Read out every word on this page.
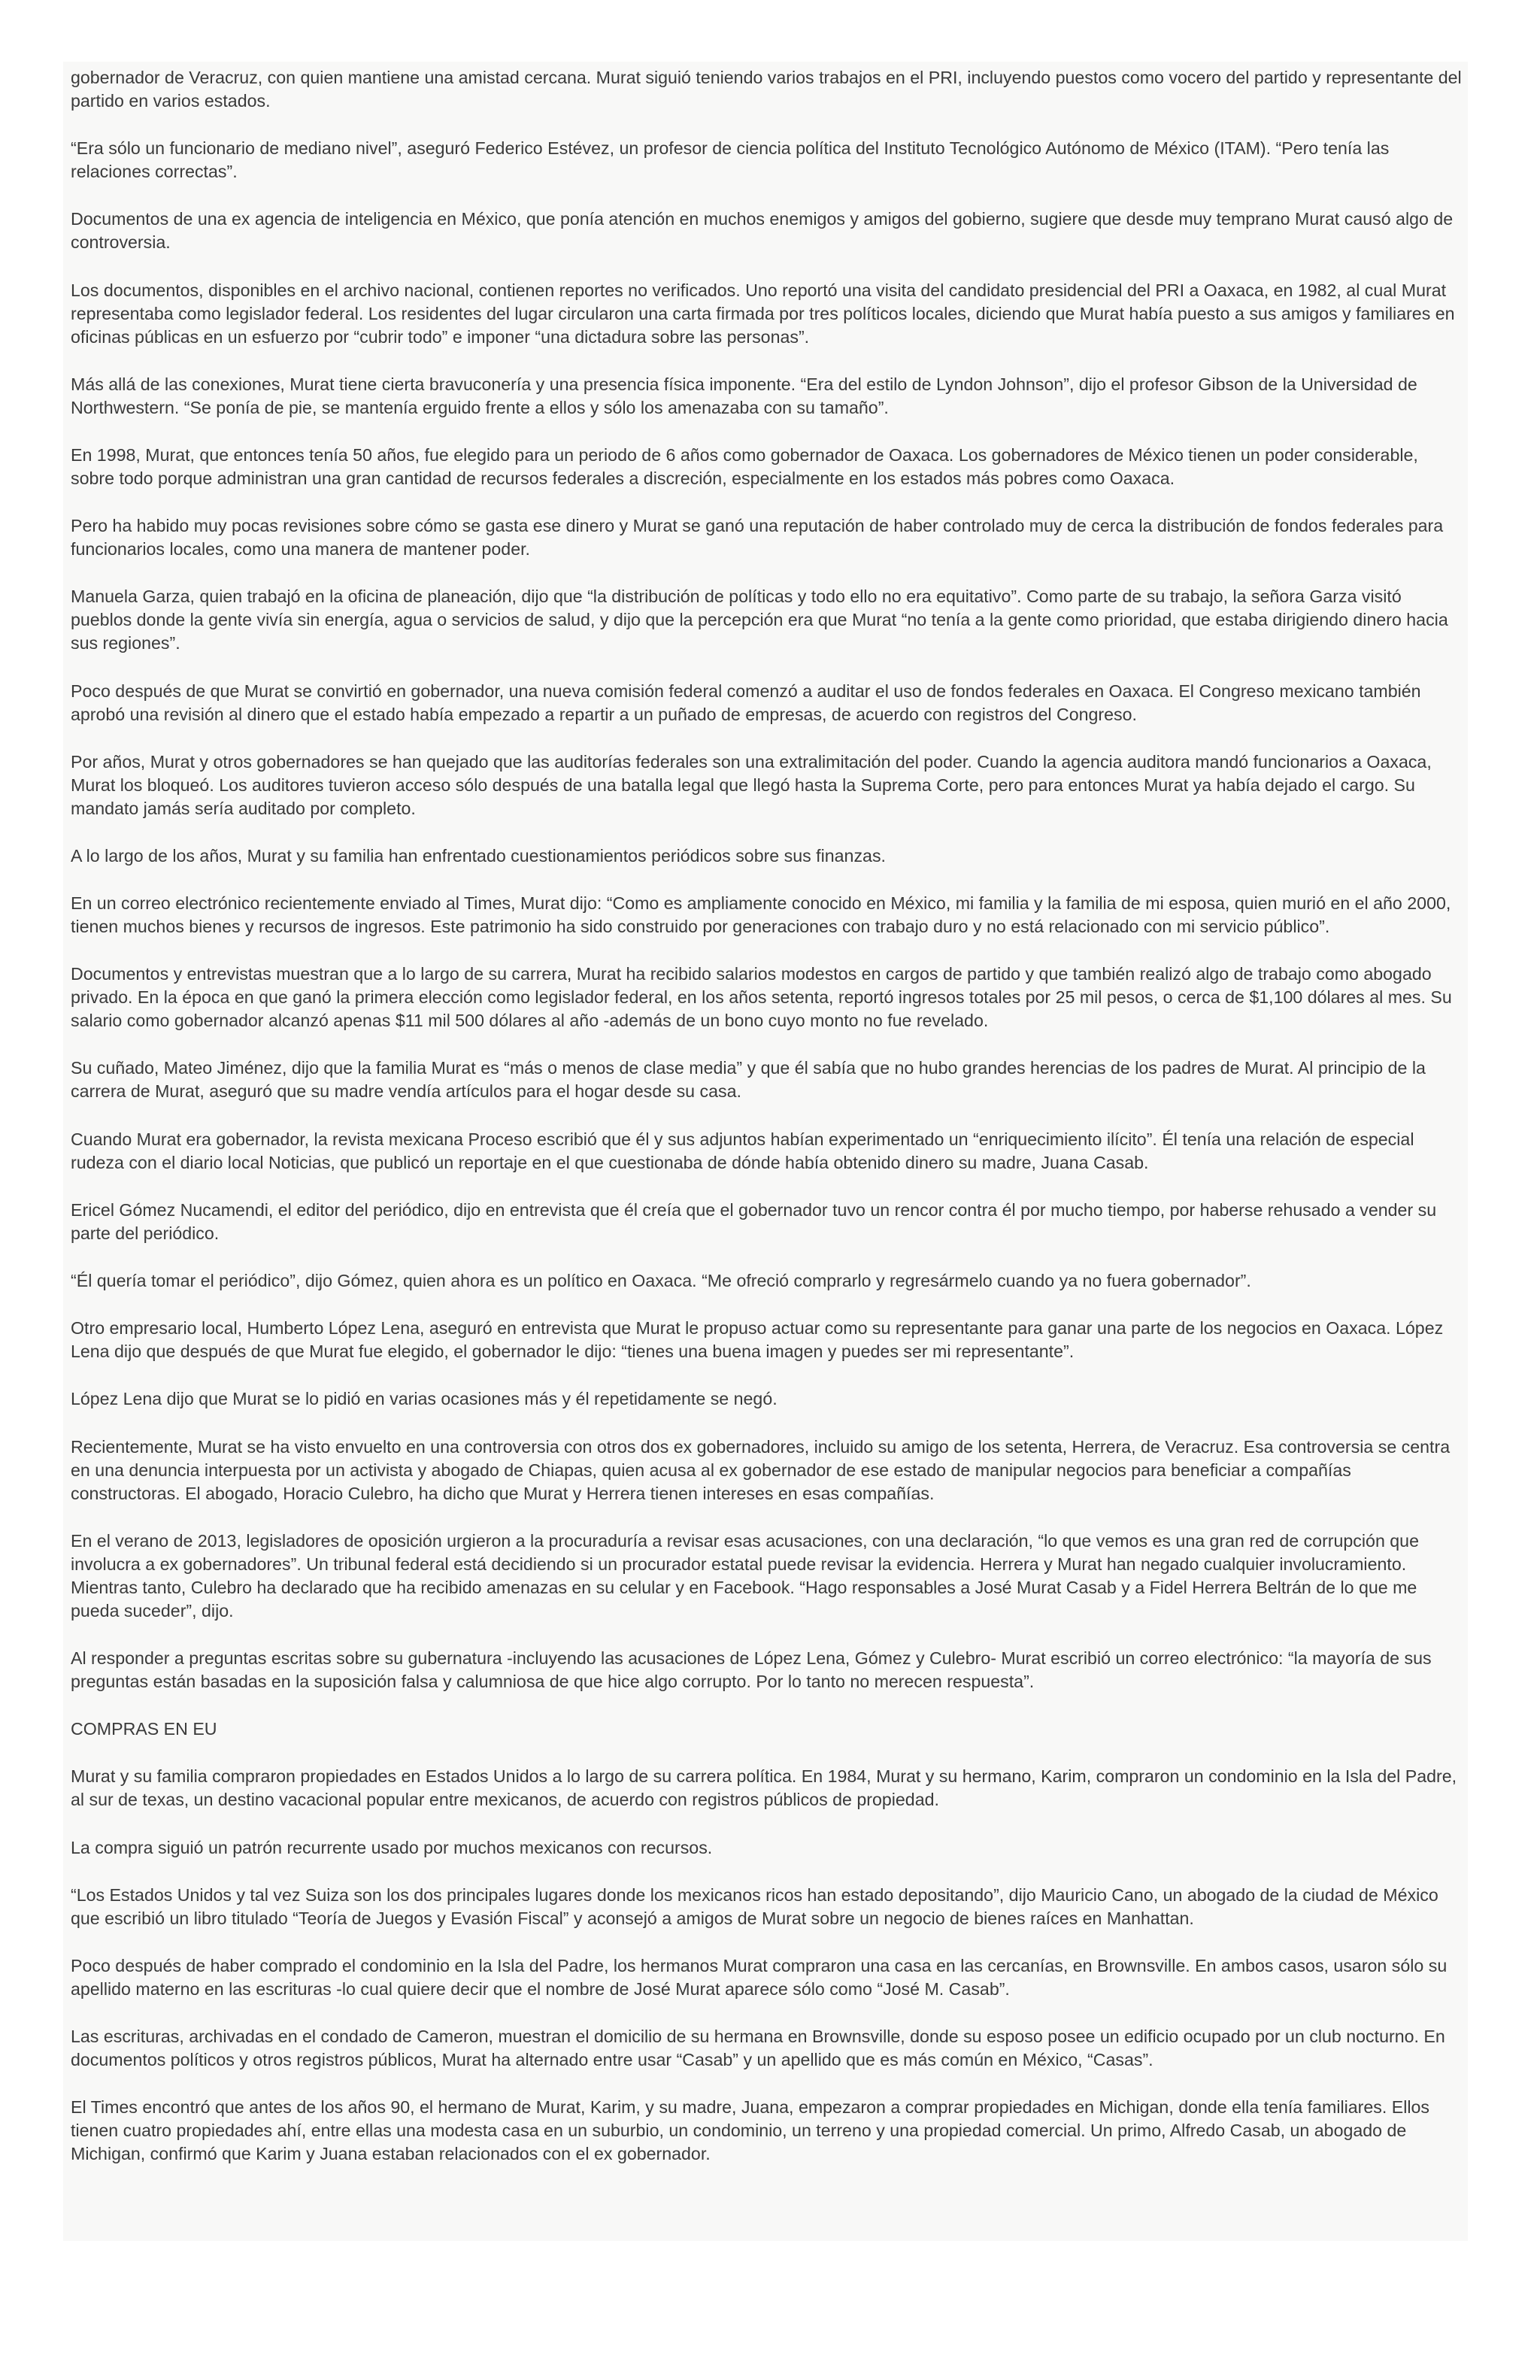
gobernador de Veracruz, con quien mantiene una amistad cercana. Murat siguió teniendo varios trabajos en el PRI, incluyendo puestos como vocero del partido y representante del partido en varios estados.

“Era sólo un funcionario de mediano nivel”, aseguró Federico Estévez, un profesor de ciencia política del Instituto Tecnológico Autónomo de México (ITAM). “Pero tenía las relaciones correctas”.

Documentos de una ex agencia de inteligencia en México, que ponía atención en muchos enemigos y amigos del gobierno, sugiere que desde muy temprano Murat causó algo de controversia.

Los documentos, disponibles en el archivo nacional, contienen reportes no verificados. Uno reportó una visita del candidato presidencial del PRI a Oaxaca, en 1982, al cual Murat representaba como legislador federal. Los residentes del lugar circularon una carta firmada por tres políticos locales, diciendo que Murat había puesto a sus amigos y familiares en oficinas públicas en un esfuerzo por “cubrir todo” e imponer “una dictadura sobre las personas”.

Más allá de las conexiones, Murat tiene cierta bravuconería y una presencia física imponente. “Era del estilo de Lyndon Johnson”, dijo el profesor Gibson de la Universidad de Northwestern. “Se ponía de pie, se mantenía erguido frente a ellos y sólo los amenazaba con su tamaño”.

En 1998, Murat, que entonces tenía 50 años, fue elegido para un periodo de 6 años como gobernador de Oaxaca. Los gobernadores de México tienen un poder considerable, sobre todo porque administran una gran cantidad de recursos federales a discreción, especialmente en los estados más pobres como Oaxaca.

Pero ha habido muy pocas revisiones sobre cómo se gasta ese dinero y Murat se ganó una reputación de haber controlado muy de cerca la distribución de fondos federales para funcionarios locales, como una manera de mantener poder.

Manuela Garza, quien trabajó en la oficina de planeación, dijo que “la distribución de políticas y todo ello no era equitativo”. Como parte de su trabajo, la señora Garza visitó pueblos donde la gente vivía sin energía, agua o servicios de salud, y dijo que la percepción era que Murat “no tenía a la gente como prioridad, que estaba dirigiendo dinero hacia sus regiones”.

Poco después de que Murat se convirtió en gobernador, una nueva comisión federal comenzó a auditar el uso de fondos federales en Oaxaca. El Congreso mexicano también aprobó una revisión al dinero que el estado había empezado a repartir a un puñado de empresas, de acuerdo con registros del Congreso.

Por años, Murat y otros gobernadores se han quejado que las auditorías federales son una extralimitación del poder. Cuando la agencia auditora mandó funcionarios a Oaxaca, Murat los bloqueó. Los auditores tuvieron acceso sólo después de una batalla legal que llegó hasta la Suprema Corte, pero para entonces Murat ya había dejado el cargo. Su mandato jamás sería auditado por completo.

A lo largo de los años, Murat y su familia han enfrentado cuestionamientos periódicos sobre sus finanzas.

En un correo electrónico recientemente enviado al Times, Murat dijo: “Como es ampliamente conocido en México, mi familia y la familia de mi esposa, quien murió en el año 2000, tienen muchos bienes y recursos de ingresos. Este patrimonio ha sido construido por generaciones con trabajo duro y no está relacionado con mi servicio público”.

Documentos y entrevistas muestran que a lo largo de su carrera, Murat ha recibido salarios modestos en cargos de partido y que también realizó algo de trabajo como abogado privado. En la época en que ganó la primera elección como legislador federal, en los años setenta, reportó ingresos totales por 25 mil pesos, o cerca de $1,100 dólares al mes. Su salario como gobernador alcanzó apenas $11 mil 500 dólares al año -además de un bono cuyo monto no fue revelado.

Su cuñado, Mateo Jiménez, dijo que la familia Murat es “más o menos de clase media” y que él sabía que no hubo grandes herencias de los padres de Murat. Al principio de la carrera de Murat, aseguró que su madre vendía artículos para el hogar desde su casa.

Cuando Murat era gobernador, la revista mexicana Proceso escribió que él y sus adjuntos habían experimentado un “enriquecimiento ilícito”. Él tenía una relación de especial rudeza con el diario local Noticias, que publicó un reportaje en el que cuestionaba de dónde había obtenido dinero su madre, Juana Casab.

Ericel Gómez Nucamendi, el editor del periódico, dijo en entrevista que él creía que el gobernador tuvo un rencor contra él por mucho tiempo, por haberse rehusado a vender su parte del periódico.

“Él quería tomar el periódico”, dijo Gómez, quien ahora es un político en Oaxaca. “Me ofreció comprarlo y regresármelo cuando ya no fuera gobernador”.

Otro empresario local, Humberto López Lena, aseguró en entrevista que Murat le propuso actuar como su representante para ganar una parte de los negocios en Oaxaca. López Lena dijo que después de que Murat fue elegido, el gobernador le dijo: “tienes una buena imagen y puedes ser mi representante”.

López Lena dijo que Murat se lo pidió en varias ocasiones más y él repetidamente se negó.

Recientemente, Murat se ha visto envuelto en una controversia con otros dos ex gobernadores, incluido su amigo de los setenta, Herrera, de Veracruz. Esa controversia se centra en una denuncia interpuesta por un activista y abogado de Chiapas, quien acusa al ex gobernador de ese estado de manipular negocios para beneficiar a compañías constructoras. El abogado, Horacio Culebro, ha dicho que Murat y Herrera tienen intereses en esas compañías.

En el verano de 2013, legisladores de oposición urgieron a la procuraduría a revisar esas acusaciones, con una declaración, “lo que vemos es una gran red de corrupción que involucra a ex gobernadores”. Un tribunal federal está decidiendo si un procurador estatal puede revisar la evidencia. Herrera y Murat han negado cualquier involucramiento. Mientras tanto, Culebro ha declarado que ha recibido amenazas en su celular y en Facebook. “Hago responsables a José Murat Casab y a Fidel Herrera Beltrán de lo que me pueda suceder”, dijo.

Al responder a preguntas escritas sobre su gubernatura -incluyendo las acusaciones de López Lena, Gómez y Culebro- Murat escribió un correo electrónico: “la mayoría de sus preguntas están basadas en la suposición falsa y calumniosa de que hice algo corrupto. Por lo tanto no merecen respuesta”.

COMPRAS EN EU

Murat y su familia compraron propiedades en Estados Unidos a lo largo de su carrera política. En 1984, Murat y su hermano, Karim, compraron un condominio en la Isla del Padre, al sur de texas, un destino vacacional popular entre mexicanos, de acuerdo con registros públicos de propiedad.

La compra siguió un patrón recurrente usado por muchos mexicanos con recursos.

“Los Estados Unidos y tal vez Suiza son los dos principales lugares donde los mexicanos ricos han estado depositando”, dijo Mauricio Cano, un abogado de la ciudad de México que escribió un libro titulado “Teoría de Juegos y Evasión Fiscal” y aconsejó a amigos de Murat sobre un negocio de bienes raíces en Manhattan.

Poco después de haber comprado el condominio en la Isla del Padre, los hermanos Murat compraron una casa en las cercanías, en Brownsville. En ambos casos, usaron sólo su apellido materno en las escrituras -lo cual quiere decir que el nombre de José Murat aparece sólo como “José M. Casab”.

Las escrituras, archivadas en el condado de Cameron, muestran el domicilio de su hermana en Brownsville, donde su esposo posee un edificio ocupado por un club nocturno. En documentos políticos y otros registros públicos, Murat ha alternado entre usar “Casab” y un apellido que es más común en México, “Casas”.

El Times encontró que antes de los años 90, el hermano de Murat, Karim, y su madre, Juana, empezaron a comprar propiedades en Michigan, donde ella tenía familiares. Ellos tienen cuatro propiedades ahí, entre ellas una modesta casa en un suburbio, un condominio, un terreno y una propiedad comercial. Un primo, Alfredo Casab, un abogado de Michigan, confirmó que Karim y Juana estaban relacionados con el ex gobernador.
